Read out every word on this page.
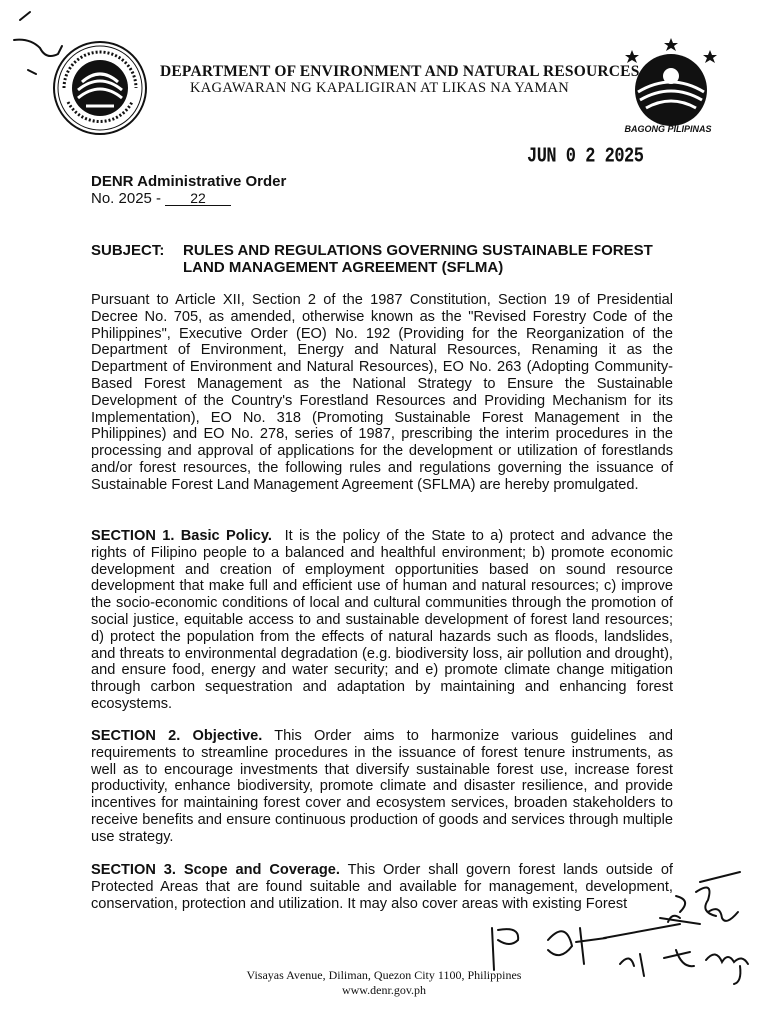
DEPARTMENT OF ENVIRONMENT AND NATURAL RESOURCES
KAGAWARAN NG KAPALIGIRAN AT LIKAS NA YAMAN
BAGONG PILIPINAS
JUN 0 2 2025
DENR Administrative Order
No. 2025 - 22
SUBJECT: RULES AND REGULATIONS GOVERNING SUSTAINABLE FOREST LAND MANAGEMENT AGREEMENT (SFLMA)

Pursuant to Article XII, Section 2 of the 1987 Constitution, Section 19 of Presidential Decree No. 705, as amended, otherwise known as the "Revised Forestry Code of the Philippines", Executive Order (EO) No. 192 (Providing for the Reorganization of the Department of Environment, Energy and Natural Resources, Renaming it as the Department of Environment and Natural Resources), EO No. 263 (Adopting Community-Based Forest Management as the National Strategy to Ensure the Sustainable Development of the Country's Forestland Resources and Providing Mechanism for its Implementation), EO No. 318 (Promoting Sustainable Forest Management in the Philippines) and EO No. 278, series of 1987, prescribing the interim procedures in the processing and approval of applications for the development or utilization of forestlands and/or forest resources, the following rules and regulations governing the issuance of Sustainable Forest Land Management Agreement (SFLMA) are hereby promulgated.

SECTION 1. Basic Policy. It is the policy of the State to a) protect and advance the rights of Filipino people to a balanced and healthful environment; b) promote economic development and creation of employment opportunities based on sound resource development that make full and efficient use of human and natural resources; c) improve the socio-economic conditions of local and cultural communities through the promotion of social justice, equitable access to and sustainable development of forest land resources; d) protect the population from the effects of natural hazards such as floods, landslides, and threats to environmental degradation (e.g. biodiversity loss, air pollution and drought), and ensure food, energy and water security; and e) promote climate change mitigation through carbon sequestration and adaptation by maintaining and enhancing forest ecosystems.

SECTION 2. Objective. This Order aims to harmonize various guidelines and requirements to streamline procedures in the issuance of forest tenure instruments, as well as to encourage investments that diversify sustainable forest use, increase forest productivity, enhance biodiversity, promote climate and disaster resilience, and provide incentives for maintaining forest cover and ecosystem services, broaden stakeholders to receive benefits and ensure continuous production of goods and services through multiple use strategy.

SECTION 3. Scope and Coverage. This Order shall govern forest lands outside of Protected Areas that are found suitable and available for management, development, conservation, protection and utilization. It may also cover areas with existing Forest

Visayas Avenue, Diliman, Quezon City 1100, Philippines
www.denr.gov.ph
